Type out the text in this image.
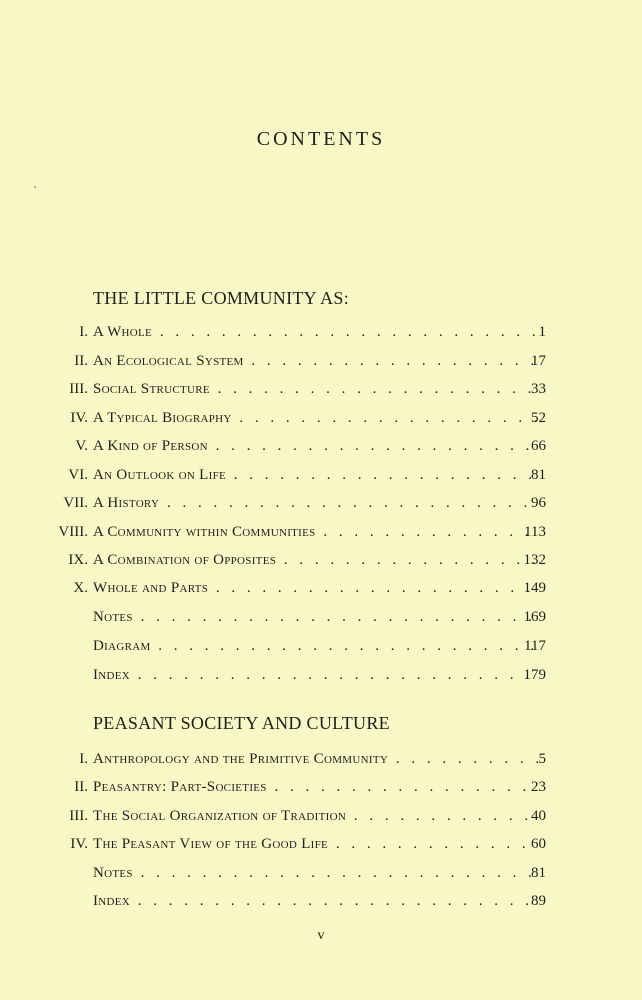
CONTENTS
THE LITTLE COMMUNITY AS:
I. A Whole . . .	1
II. An Ecological System . . .	17
III. Social Structure . . .	33
IV. A Typical Biography . . .	52
V. A Kind of Person . . .	66
VI. An Outlook on Life . . .	81
VII. A History . . .	96
VIII. A Community within Communities . . .	113
IX. A Combination of Opposites . . .	132
X. Whole and Parts . . .	149
Notes . . .	169
Diagram . . .	117
Index . . .	179
PEASANT SOCIETY AND CULTURE
I. Anthropology and the Primitive Community . . .	5
II. Peasantry: Part-Societies . . .	23
III. The Social Organization of Tradition . . .	40
IV. The Peasant View of the Good Life . . .	60
Notes . . .	81
Index . . .	89
v
